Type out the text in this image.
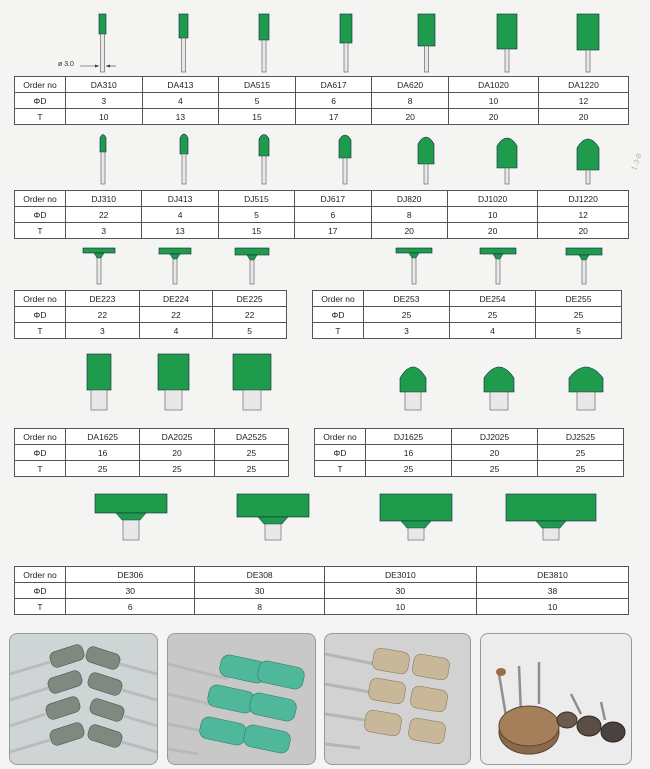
ø 3.0
Order no	DA310	DA413	DA515	DA617	DA620	DA1020	DA1220
ΦD	3	4	5	6	8	10	12
T	10	13	15	17	20	20	20
1.3·8
Order no	DJ310	DJ413	DJ515	DJ617	DJ820	DJ1020	DJ1220
ΦD	22	4	5	6	8	10	12
T	3	13	15	17	20	20	20
Order no	DE223	DE224	DE225
ΦD	22	22	22
T	3	4	5
Order no	DE253	DE254	DE255
ΦD	25	25	25
T	3	4	5
Order no	DA1625	DA2025	DA2525
ΦD	16	20	25
T	25	25	25
Order no	DJ1625	DJ2025	DJ2525
ΦD	16	20	25
T	25	25	25
Order no	DE306	DE308	DE3010	DE3810
ΦD	30	30	30	38
T	6	8	10	10
